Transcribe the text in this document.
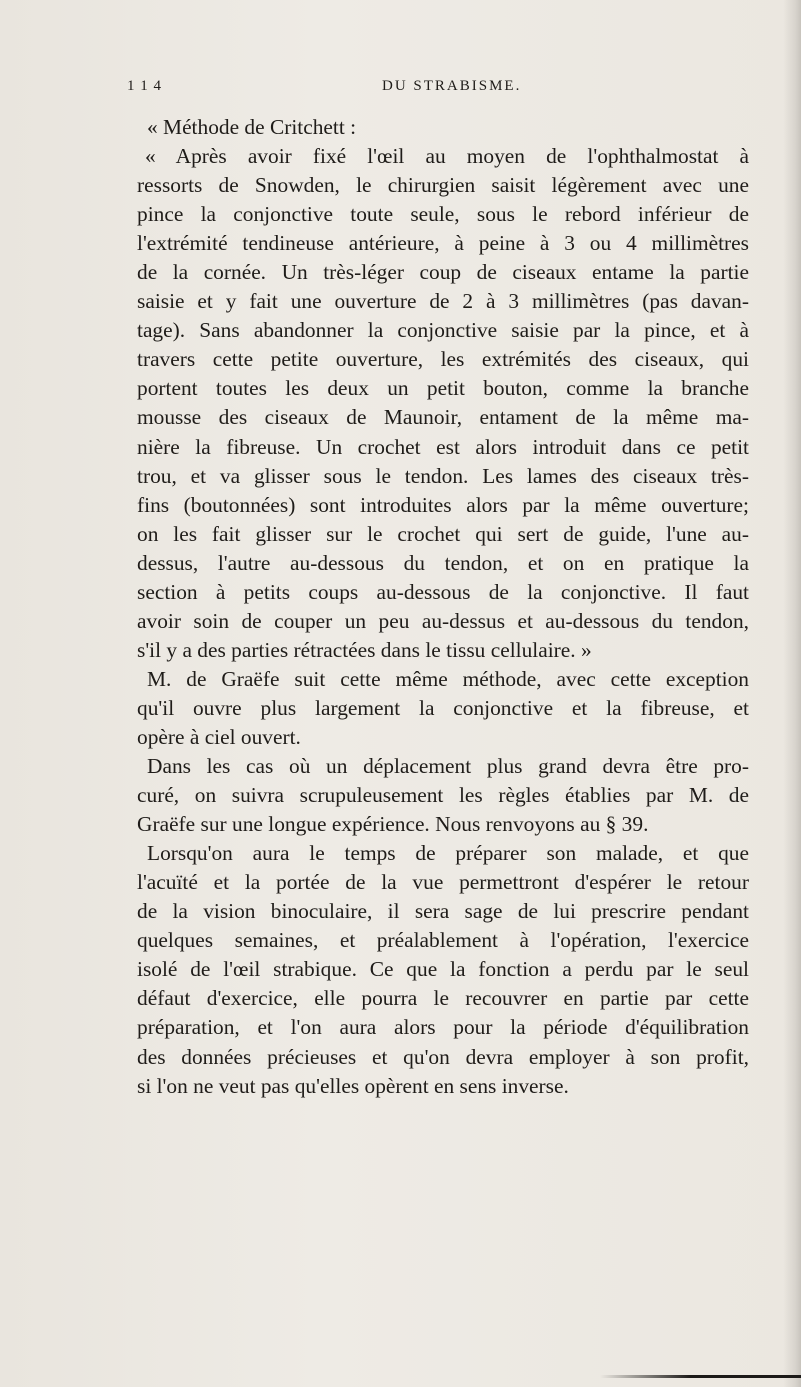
1 1 4	DU STRABISME.
« Méthode de Critchett :
« Après avoir fixé l'œil au moyen de l'ophthalmostat à
ressorts de Snowden, le chirurgien saisit légèrement avec une
pince la conjonctive toute seule, sous le rebord inférieur de
l'extrémité tendineuse antérieure, à peine à 3 ou 4 millimètres
de la cornée. Un très-léger coup de ciseaux entame la partie
saisie et y fait une ouverture de 2 à 3 millimètres (pas davan-
tage). Sans abandonner la conjonctive saisie par la pince, et à
travers cette petite ouverture, les extrémités des ciseaux, qui
portent toutes les deux un petit bouton, comme la branche
mousse des ciseaux de Maunoir, entament de la même ma-
nière la fibreuse. Un crochet est alors introduit dans ce petit
trou, et va glisser sous le tendon. Les lames des ciseaux très-
fins (boutonnées) sont introduites alors par la même ouverture;
on les fait glisser sur le crochet qui sert de guide, l'une au-
dessus, l'autre au-dessous du tendon, et on en pratique la
section à petits coups au-dessous de la conjonctive. Il faut
avoir soin de couper un peu au-dessus et au-dessous du tendon,
s'il y a des parties rétractées dans le tissu cellulaire. »
M. de Graëfe suit cette même méthode, avec cette exception
qu'il ouvre plus largement la conjonctive et la fibreuse, et
opère à ciel ouvert.
Dans les cas où un déplacement plus grand devra être pro-
curé, on suivra scrupuleusement les règles établies par M. de
Graëfe sur une longue expérience. Nous renvoyons au § 39.
Lorsqu'on aura le temps de préparer son malade, et que
l'acuïté et la portée de la vue permettront d'espérer le retour
de la vision binoculaire, il sera sage de lui prescrire pendant
quelques semaines, et préalablement à l'opération, l'exercice
isolé de l'œil strabique. Ce que la fonction a perdu par le seul
défaut d'exercice, elle pourra le recouvrer en partie par cette
préparation, et l'on aura alors pour la période d'équilibration
des données précieuses et qu'on devra employer à son profit,
si l'on ne veut pas qu'elles opèrent en sens inverse.
